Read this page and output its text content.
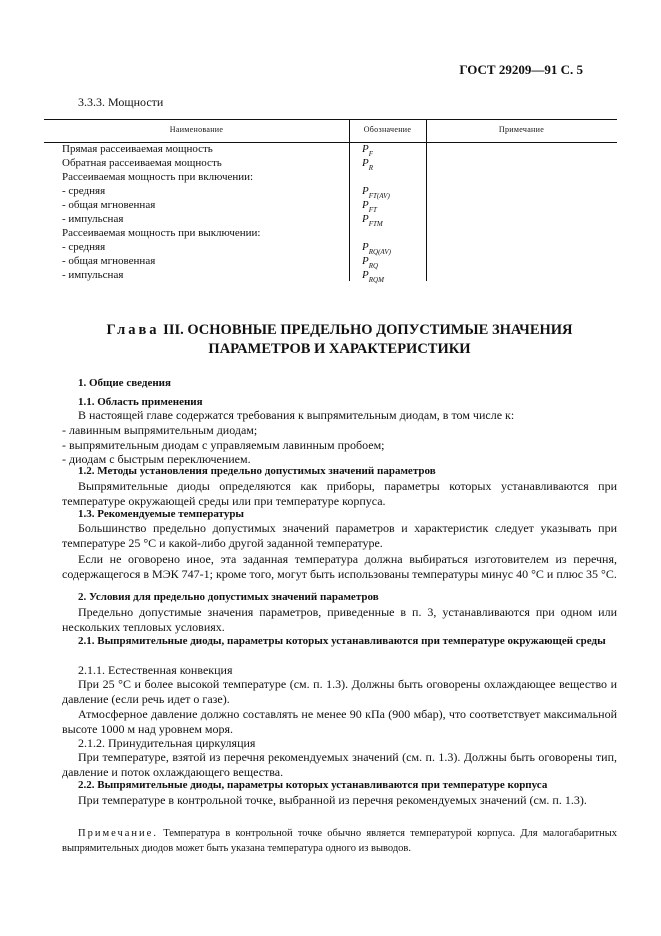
ГОСТ 29209—91 С. 5
3.3.3. Мощности
Наименование	Обозначение	Примечание
Прямая рассеиваемая мощность	$P_F$
Обратная рассеиваемая мощность	$P_R$
Рассеиваемая мощность при включении:
- средняя	$P_{FT(AV)}$
- общая мгновенная	$P_{FT}$
- импульсная	$P_{FTM}$
Рассеиваемая мощность при выключении:
- средняя	$P_{RQ(AV)}$
- общая мгновенная	$P_{RQ}$
- импульсная	$P_{RQM}$
Глава III. ОСНОВНЫЕ ПРЕДЕЛЬНО ДОПУСТИМЫЕ ЗНАЧЕНИЯ
ПАРАМЕТРОВ И ХАРАКТЕРИСТИКИ
1. Общие сведения
1.1. Область применения
В настоящей главе содержатся требования к выпрямительным диодам, в том числе к:
- лавинным выпрямительным диодам;
- выпрямительным диодам с управляемым лавинным пробоем;
- диодам с быстрым переключением.
1.2. Методы установления предельно допустимых значений параметров
Выпрямительные диоды определяются как приборы, параметры которых устанавливаются при температуре окружающей среды или при температуре корпуса.
1.3. Рекомендуемые температуры
Большинство предельно допустимых значений параметров и характеристик следует указывать при температуре 25 °С и какой-либо другой заданной температуре.
Если не оговорено иное, эта заданная температура должна выбираться изготовителем из перечня, содержащегося в МЭК 747-1; кроме того, могут быть использованы температуры минус 40 °С и плюс 35 °С.
2. Условия для предельно допустимых значений параметров
Предельно допустимые значения параметров, приведенные в п. 3, устанавливаются при одном или нескольких тепловых условиях.
2.1. Выпрямительные диоды, параметры которых устанавливаются при температуре окружающей среды
2.1.1. Естественная конвекция
При 25 °С и более высокой температуре (см. п. 1.3). Должны быть оговорены охлаждающее вещество и давление (если речь идет о газе).
Атмосферное давление должно составлять не менее 90 кПа (900 мбар), что соответствует максимальной высоте 1000 м над уровнем моря.
2.1.2. Принудительная циркуляция
При температуре, взятой из перечня рекомендуемых значений (см. п. 1.3). Должны быть оговорены тип, давление и поток охлаждающего вещества.
2.2. Выпрямительные диоды, параметры которых устанавливаются при температуре корпуса
При температуре в контрольной точке, выбранной из перечня рекомендуемых значений (см. п. 1.3).
Примечание. Температура в контрольной точке обычно является температурой корпуса. Для малогабаритных выпрямительных диодов может быть указана температура одного из выводов.
